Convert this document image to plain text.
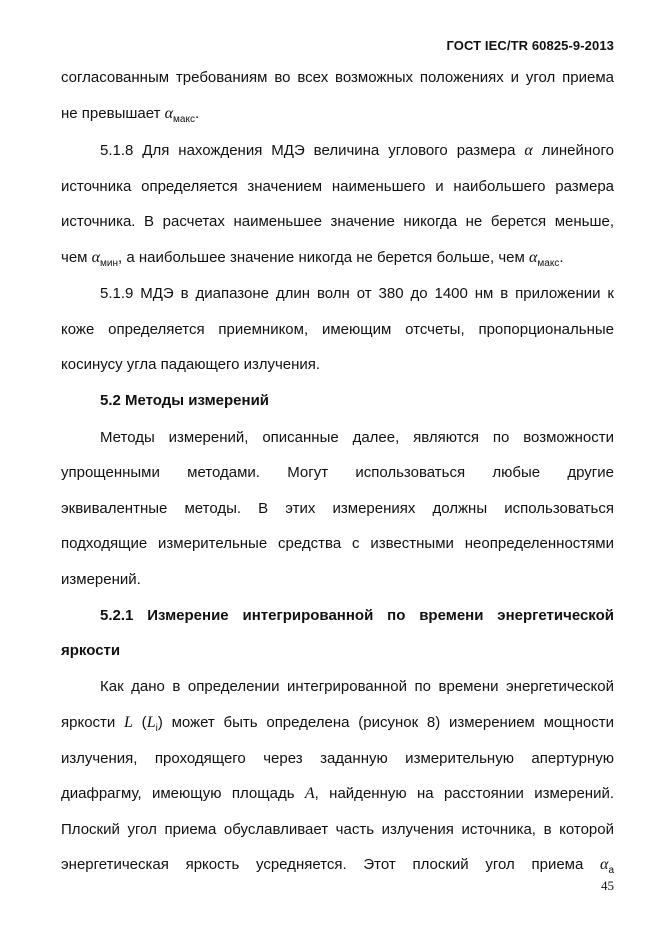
ГОСТ IEC/TR 60825-9-2013
согласованным требованиям во всех возможных положениях и угол приема
не превышает $\alpha_{макс}$.
5.1.8 Для нахождения МДЭ величина углового размера α линейного
источника определяется значением наименьшего и наибольшего размера
источника. В расчетах наименьшее значение никогда не берется меньше,
чем $\alpha_{мин}$, а наибольшее значение никогда не берется больше, чем $\alpha_{макс}$.
5.1.9 МДЭ в диапазоне длин волн от 380 до 1400 нм в приложении к
коже определяется приемником, имеющим отсчеты, пропорциональные
косинусу угла падающего излучения.
5.2 Методы измерений
Методы измерений, описанные далее, являются по возможности
упрощенными методами. Могут использоваться любые другие
эквивалентные методы. В этих измерениях должны использоваться
подходящие измерительные средства с известными неопределенностями
измерений.
5.2.1 Измерение интегрированной по времени энергетической
яркости
Как дано в определении интегрированной по времени энергетической
яркости L $(L_i)$ может быть определена (рисунок 8) измерением мощности
излучения, проходящего через заданную измерительную апертурную
диафрагму, имеющую площадь A, найденную на расстоянии измерений.
Плоский угол приема обуславливает часть излучения источника, в которой
энергетическая яркость усредняется. Этот плоский угол приема $\alpha_a$
45
